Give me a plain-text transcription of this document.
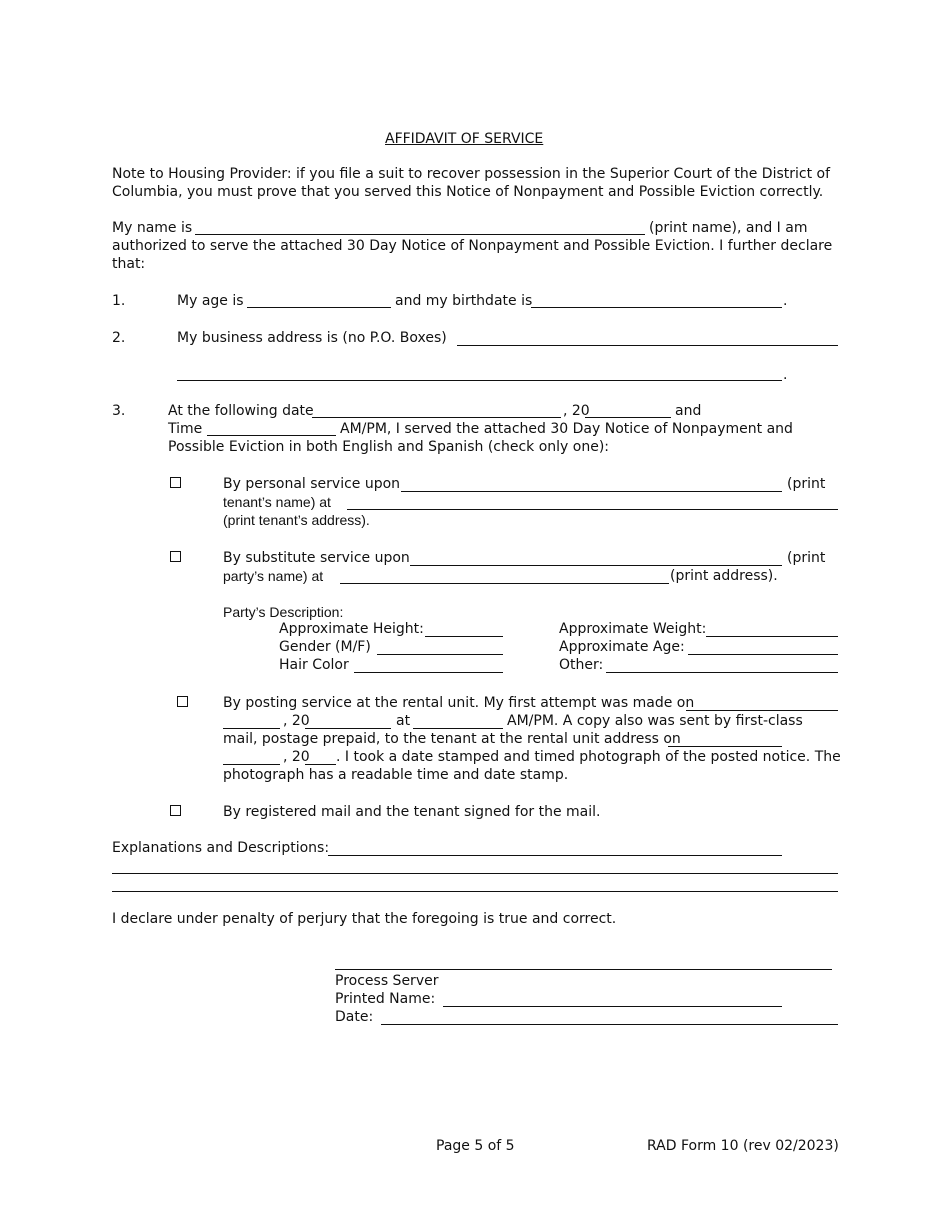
AFFIDAVIT OF SERVICE
Note to Housing Provider: if you file a suit to recover possession in the Superior Court of the District of
Columbia, you must prove that you served this Notice of Nonpayment and Possible Eviction correctly.
My name is	(print name), and I am
authorized to serve the attached 30 Day Notice of Nonpayment and Possible Eviction. I further declare
that:
1.	My age is	and my birthdate is	.
2.	My business address is (no P.O. Boxes)
.
3.	At the following date	, 20	and
Time	AM/PM, I served the attached 30 Day Notice of Nonpayment and
Possible Eviction in both English and Spanish (check only one):
By personal service upon	(print
tenant’s name) at
(print tenant’s address).
By substitute service upon	(print
party’s name) at	(print address).
Party’s Description:
Approximate Height:	Approximate Weight:
Gender (M/F)	Approximate Age:
Hair Color	Other:
By posting service at the rental unit. My first attempt was made on
, 20	at	AM/PM. A copy also was sent by first-class
mail, postage prepaid, to the tenant at the rental unit address on
, 20 . I took a date stamped and timed photograph of the posted notice. The
photograph has a readable time and date stamp.
By registered mail and the tenant signed for the mail.
Explanations and Descriptions:
I declare under penalty of perjury that the foregoing is true and correct.
Process Server
Printed Name:
Date:
Page 5 of 5	RAD Form 10 (rev 02/2023)
